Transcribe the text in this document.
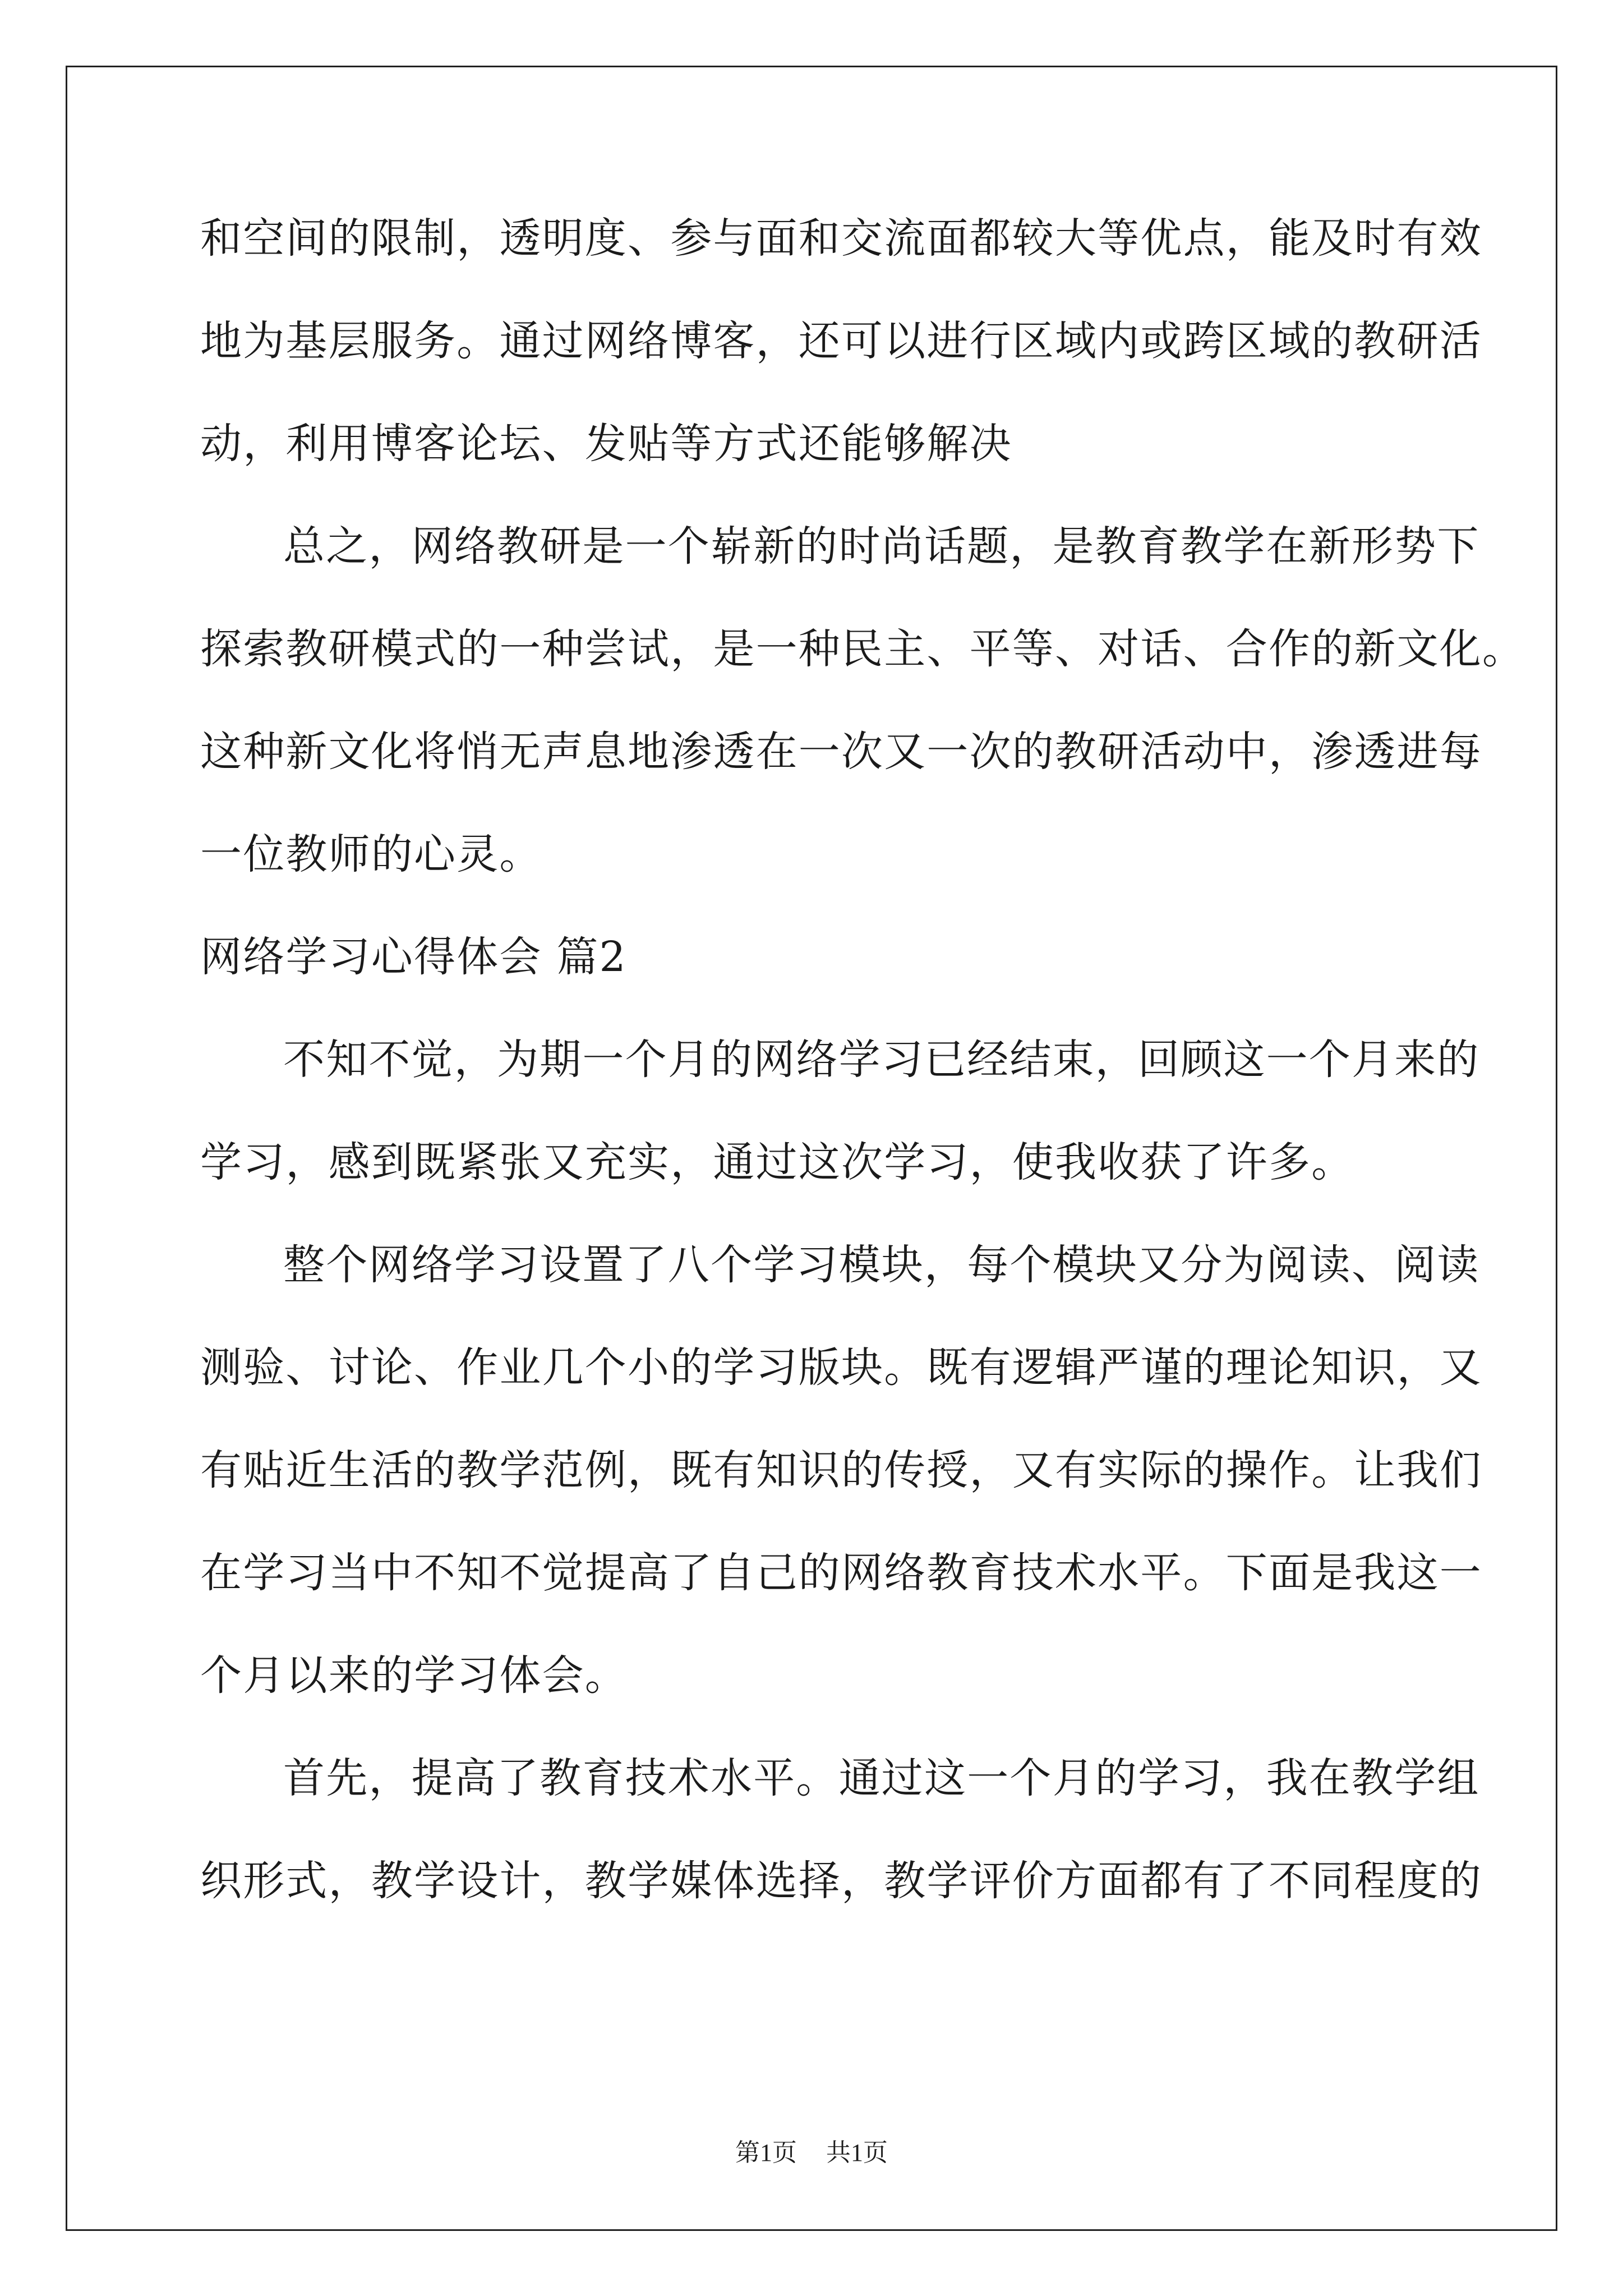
和空间的限制，透明度、参与面和交流面都较大等优点，能及时有效
地为基层服务。通过网络博客，还可以进行区域内或跨区域的教研活
动，利用博客论坛、发贴等方式还能够解决
总之，网络教研是一个崭新的时尚话题，是教育教学在新形势下
探索教研模式的一种尝试，是一种民主、平等、对话、合作的新文化。
这种新文化将悄无声息地渗透在一次又一次的教研活动中，渗透进每
一位教师的心灵。
网络学习心得体会 篇2
不知不觉，为期一个月的网络学习已经结束，回顾这一个月来的
学习，感到既紧张又充实，通过这次学习，使我收获了许多。
整个网络学习设置了八个学习模块，每个模块又分为阅读、阅读
测验、讨论、作业几个小的学习版块。既有逻辑严谨的理论知识，又
有贴近生活的教学范例，既有知识的传授，又有实际的操作。让我们
在学习当中不知不觉提高了自己的网络教育技术水平。下面是我这一
个月以来的学习体会。
首先，提高了教育技术水平。通过这一个月的学习，我在教学组
织形式，教学设计，教学媒体选择，教学评价方面都有了不同程度的
第1页 共1页
